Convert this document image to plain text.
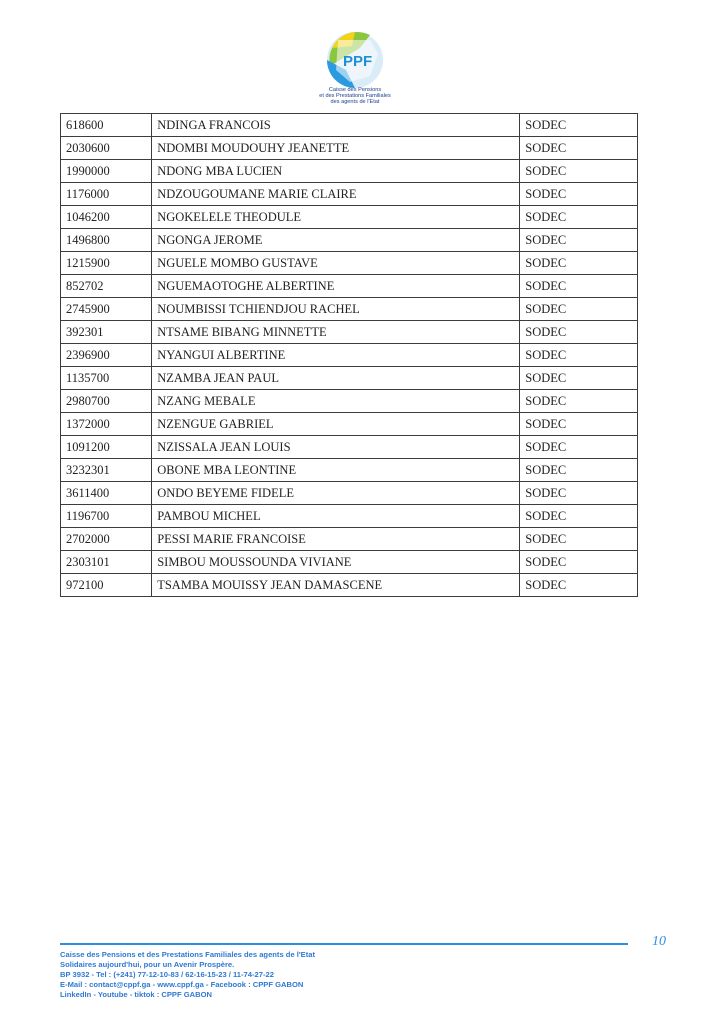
PPF
Caisse des Pensions
et des Prestations Familiales
des agents de l'Etat
618600	NDINGA FRANCOIS	SODEC
2030600	NDOMBI MOUDOUHY JEANETTE	SODEC
1990000	NDONG MBA LUCIEN	SODEC
1176000	NDZOUGOUMANE MARIE CLAIRE	SODEC
1046200	NGOKELELE THEODULE	SODEC
1496800	NGONGA JEROME	SODEC
1215900	NGUELE MOMBO GUSTAVE	SODEC
852702	NGUEMAOTOGHE ALBERTINE	SODEC
2745900	NOUMBISSI TCHIENDJOU RACHEL	SODEC
392301	NTSAME BIBANG MINNETTE	SODEC
2396900	NYANGUI ALBERTINE	SODEC
1135700	NZAMBA JEAN PAUL	SODEC
2980700	NZANG MEBALE	SODEC
1372000	NZENGUE GABRIEL	SODEC
1091200	NZISSALA JEAN LOUIS	SODEC
3232301	OBONE MBA LEONTINE	SODEC
3611400	ONDO BEYEME FIDELE	SODEC
1196700	PAMBOU MICHEL	SODEC
2702000	PESSI MARIE FRANCOISE	SODEC
2303101	SIMBOU MOUSSOUNDA VIVIANE	SODEC
972100	TSAMBA MOUISSY JEAN DAMASCENE	SODEC
10
Caisse des Pensions et des Prestations Familiales des agents de l'Etat
Solidaires aujourd'hui, pour un Avenir Prospère.
BP 3932 - Tel : (+241) 77-12-10-83 / 62-16-15-23 / 11-74-27-22
E-Mail : contact@cppf.ga - www.cppf.ga - Facebook : CPPF GABON
LinkedIn - Youtube - tiktok : CPPF GABON
